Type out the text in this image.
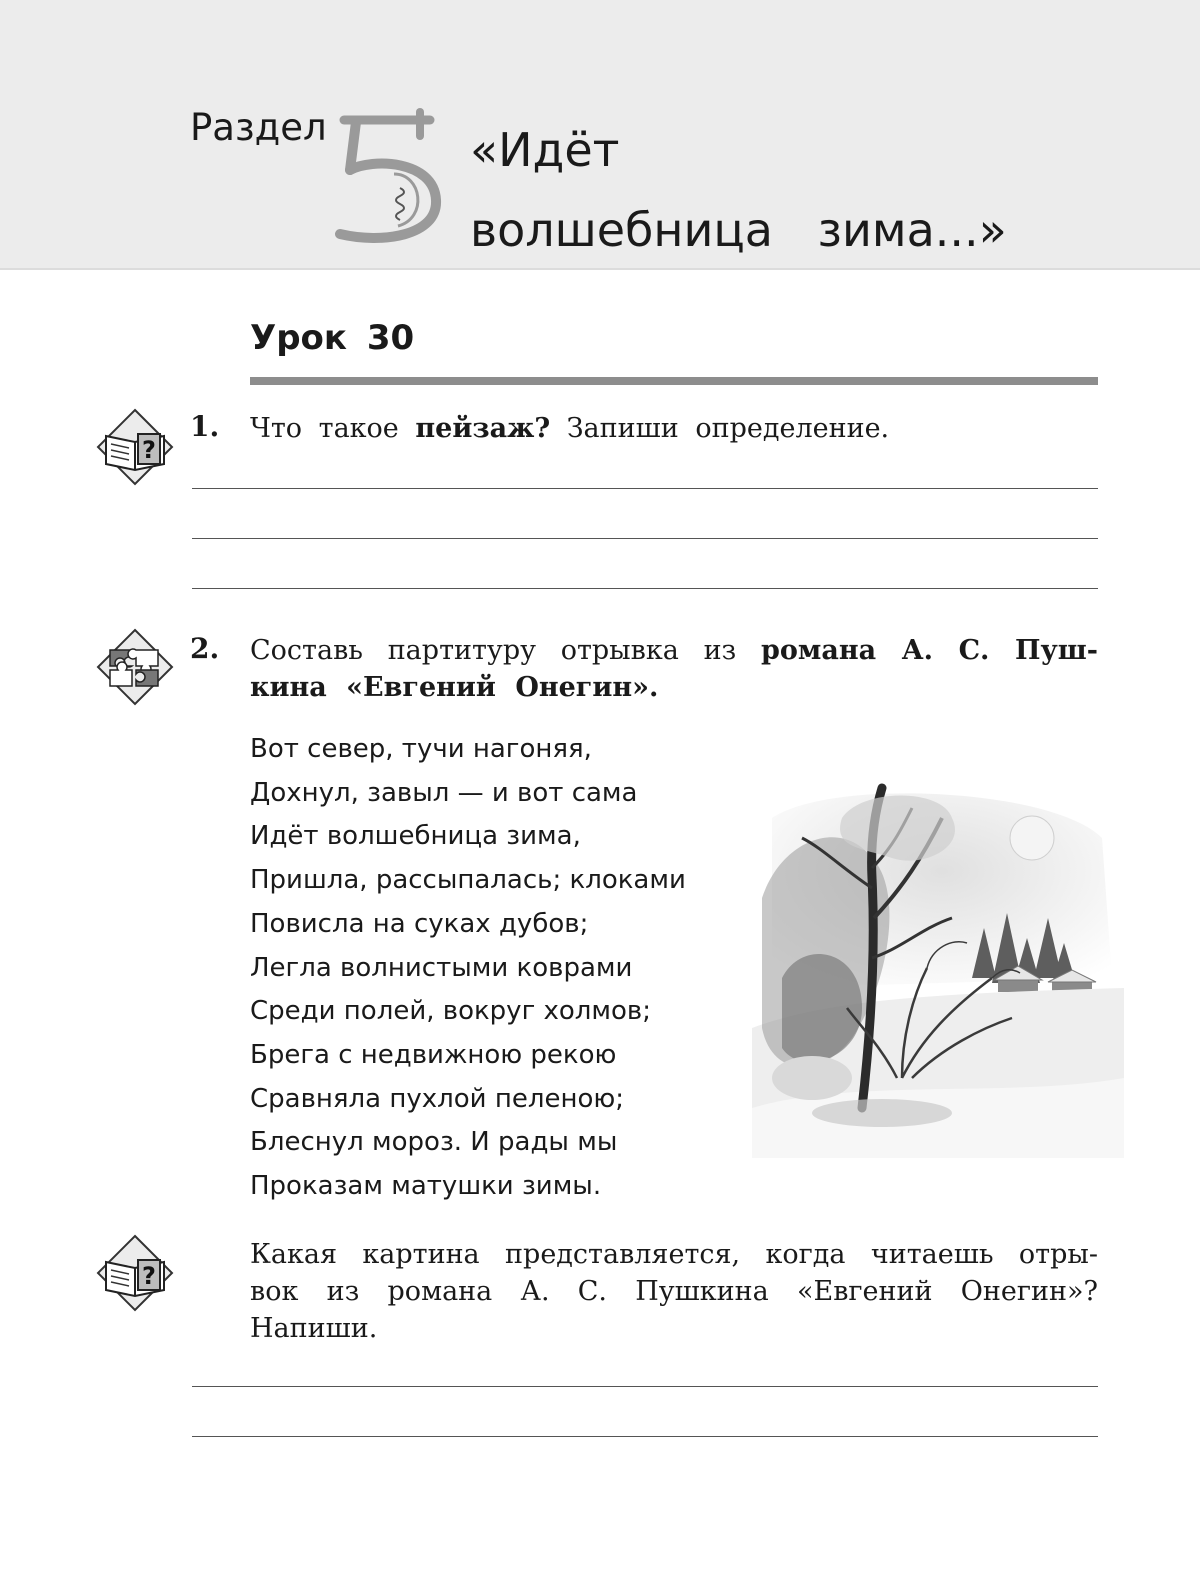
Раздел	«Идёт
волшебница зима...»
Урок 30
?
1. Что такое пейзаж? Запиши определение.
2. Составь партитуру отрывка из романа А. С. Пуш-
кина «Евгений Онегин».
Вот север, тучи нагоняя,
Дохнул, завыл — и вот сама
Идёт волшебница зима,
Пришла, рассыпалась; клоками
Повисла на суках дубов;
Легла волнистыми коврами
Среди полей, вокруг холмов;
Брега с недвижною рекою
Сравняла пухлой пеленою;
Блеснул мороз. И рады мы
Проказам матушки зимы.
?
Какая картина представляется, когда читаешь отры-
вок из романа А. С. Пушкина «Евгений Онегин»?
Напиши.
